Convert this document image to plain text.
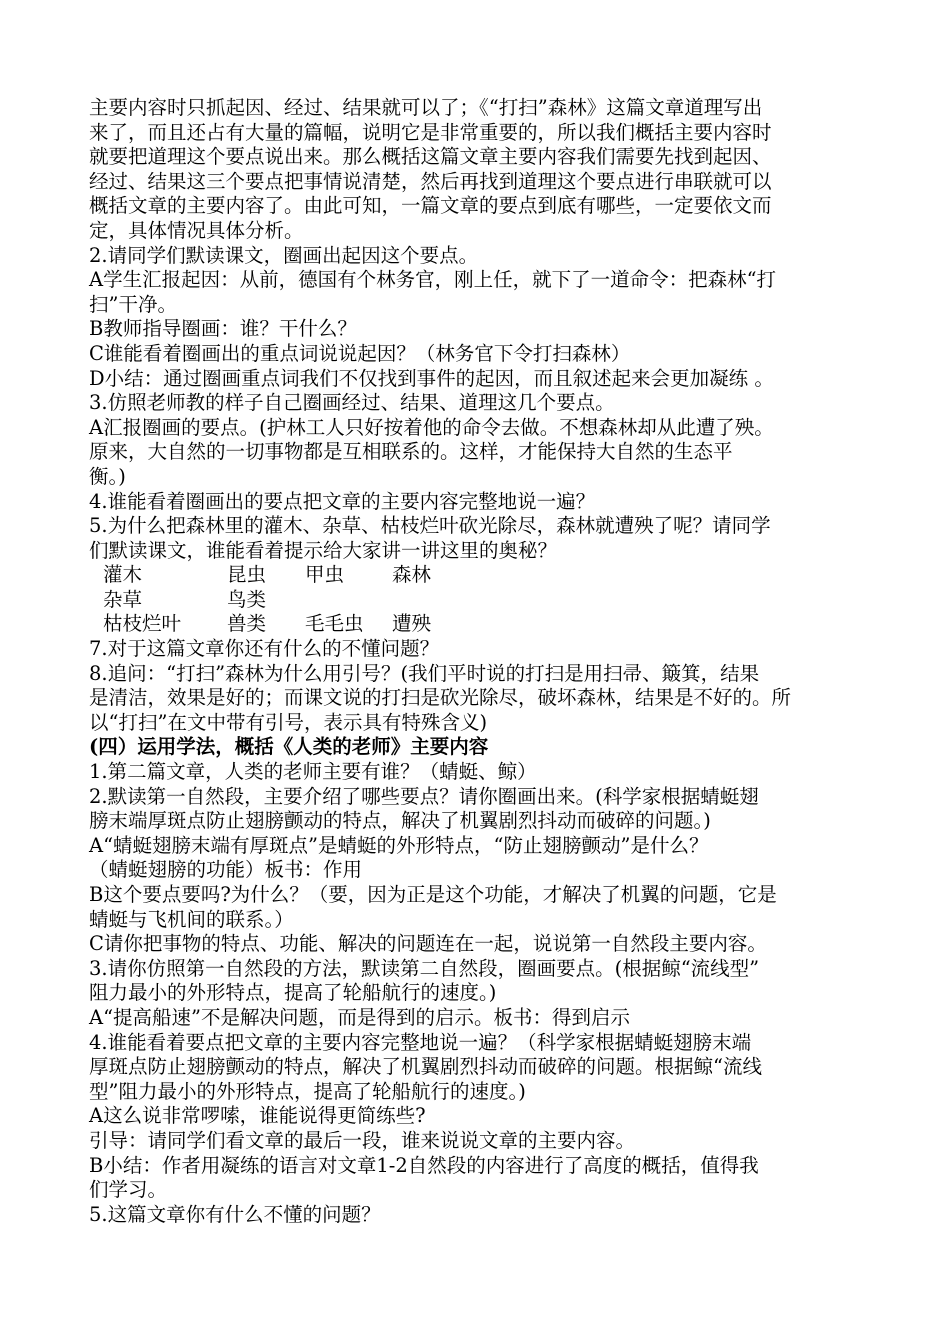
主要内容时只抓起因、经过、结果就可以了；《“打扫”森林》这篇文章道理写出

来了，而且还占有大量的篇幅，说明它是非常重要的，所以我们概括主要内容时

就要把道理这个要点说出来。那么概括这篇文章主要内容我们需要先找到起因、

经过、结果这三个要点把事情说清楚，然后再找到道理这个要点进行串联就可以

概括文章的主要内容了。由此可知，一篇文章的要点到底有哪些，一定要依文而

定，具体情况具体分析。

2.请同学们默读课文，圈画出起因这个要点。

A学生汇报起因：从前，德国有个林务官，刚上任，就下了一道命令：把森林“打

扫”干净。

B教师指导圈画：谁？干什么？

C谁能看着圈画出的重点词说说起因？（林务官下令打扫森林）

D小结：通过圈画重点词我们不仅找到事件的起因，而且叙述起来会更加凝练 。

3.仿照老师教的样子自己圈画经过、结果、道理这几个要点。

A汇报圈画的要点。(护林工人只好按着他的命令去做。不想森林却从此遭了殃。

原来，大自然的一切事物都是互相联系的。这样，才能保持大自然的生态平

衡。)

4.谁能看着圈画出的要点把文章的主要内容完整地说一遍？

5.为什么把森林里的灌木、杂草、枯枝烂叶砍光除尽，森林就遭殃了呢？请同学

们默读课文，谁能看着提示给大家讲一讲这里的奥秘？

灌木	昆虫 甲虫 森林
杂草	鸟类
枯枝烂叶 兽类 毛毛虫 遭殃

7.对于这篇文章你还有什么的不懂问题？

8.追问：“打扫”森林为什么用引号？(我们平时说的打扫是用扫帚、簸箕，结果

是清洁，效果是好的；而课文说的打扫是砍光除尽，破坏森林，结果是不好的。所

以“打扫”在文中带有引号，表示具有特殊含义)

(四）运用学法，概括《人类的老师》主要内容

1.第二篇文章，人类的老师主要有谁？（蜻蜓、鲸）

2.默读第一自然段，主要介绍了哪些要点？请你圈画出来。(科学家根据蜻蜓翅

膀末端厚斑点防止翅膀颤动的特点，解决了机翼剧烈抖动而破碎的问题。)

A“蜻蜓翅膀末端有厚斑点”是蜻蜓的外形特点，“防止翅膀颤动”是什么？

（蜻蜓翅膀的功能）板书：作用

B这个要点要吗?为什么？（要，因为正是这个功能，才解决了机翼的问题，它是

蜻蜓与飞机间的联系。）

C请你把事物的特点、功能、解决的问题连在一起，说说第一自然段主要内容。

3.请你仿照第一自然段的方法，默读第二自然段，圈画要点。(根据鲸“流线型”

阻力最小的外形特点，提高了轮船航行的速度。)

A“提高船速”不是解决问题，而是得到的启示。板书：得到启示

4.谁能看着要点把文章的主要内容完整地说一遍？（科学家根据蜻蜓翅膀末端

厚斑点防止翅膀颤动的特点，解决了机翼剧烈抖动而破碎的问题。根据鲸“流线

型”阻力最小的外形特点，提高了轮船航行的速度。)

A这么说非常啰嗦，谁能说得更简练些?

引导：请同学们看文章的最后一段，谁来说说文章的主要内容。

B小结：作者用凝练的语言对文章1-2自然段的内容进行了高度的概括，值得我

们学习。

5.这篇文章你有什么不懂的问题？
